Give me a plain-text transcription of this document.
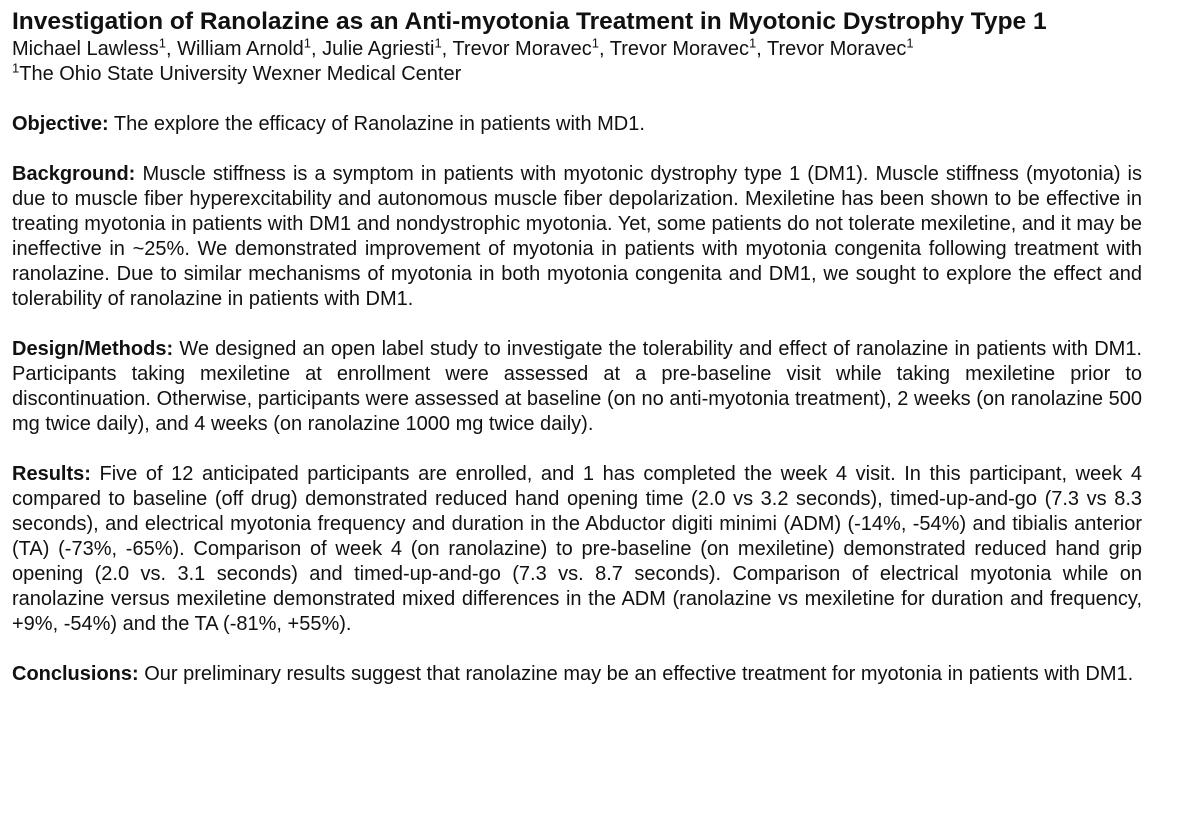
Investigation of Ranolazine as an Anti-myotonia Treatment in Myotonic Dystrophy Type 1
Michael Lawless$^1$, William Arnold$^1$, Julie Agriesti$^1$, Trevor Moravec$^1$, Trevor Moravec$^1$, Trevor Moravec$^1$
$^1$The Ohio State University Wexner Medical Center

Objective: The explore the efficacy of Ranolazine in patients with MD1.

Background: Muscle stiffness is a symptom in patients with myotonic dystrophy type 1 (DM1). Muscle stiffness (myotonia) is due to muscle fiber hyperexcitability and autonomous muscle fiber depolarization. Mexiletine has been shown to be effective in treating myotonia in patients with DM1 and nondystrophic myotonia. Yet, some patients do not tolerate mexiletine, and it may be ineffective in ~25%. We demonstrated improvement of myotonia in patients with myotonia congenita following treatment with ranolazine. Due to similar mechanisms of myotonia in both myotonia congenita and DM1, we sought to explore the effect and tolerability of ranolazine in patients with DM1.

Design/Methods: We designed an open label study to investigate the tolerability and effect of ranolazine in patients with DM1. Participants taking mexiletine at enrollment were assessed at a pre-baseline visit while taking mexiletine prior to discontinuation. Otherwise, participants were assessed at baseline (on no anti-myotonia treatment), 2 weeks (on ranolazine 500 mg twice daily), and 4 weeks (on ranolazine 1000 mg twice daily).

Results: Five of 12 anticipated participants are enrolled, and 1 has completed the week 4 visit. In this participant, week 4 compared to baseline (off drug) demonstrated reduced hand opening time (2.0 vs 3.2 seconds), timed-up-and-go (7.3 vs 8.3 seconds), and electrical myotonia frequency and duration in the Abductor digiti minimi (ADM) (-14%, -54%) and tibialis anterior (TA) (-73%, -65%). Comparison of week 4 (on ranolazine) to pre-baseline (on mexiletine) demonstrated reduced hand grip opening (2.0 vs. 3.1 seconds) and timed-up-and-go (7.3 vs. 8.7 seconds). Comparison of electrical myotonia while on ranolazine versus mexiletine demonstrated mixed differences in the ADM (ranolazine vs mexiletine for duration and frequency, +9%, -54%) and the TA (-81%, +55%).

Conclusions: Our preliminary results suggest that ranolazine may be an effective treatment for myotonia in patients with DM1.
